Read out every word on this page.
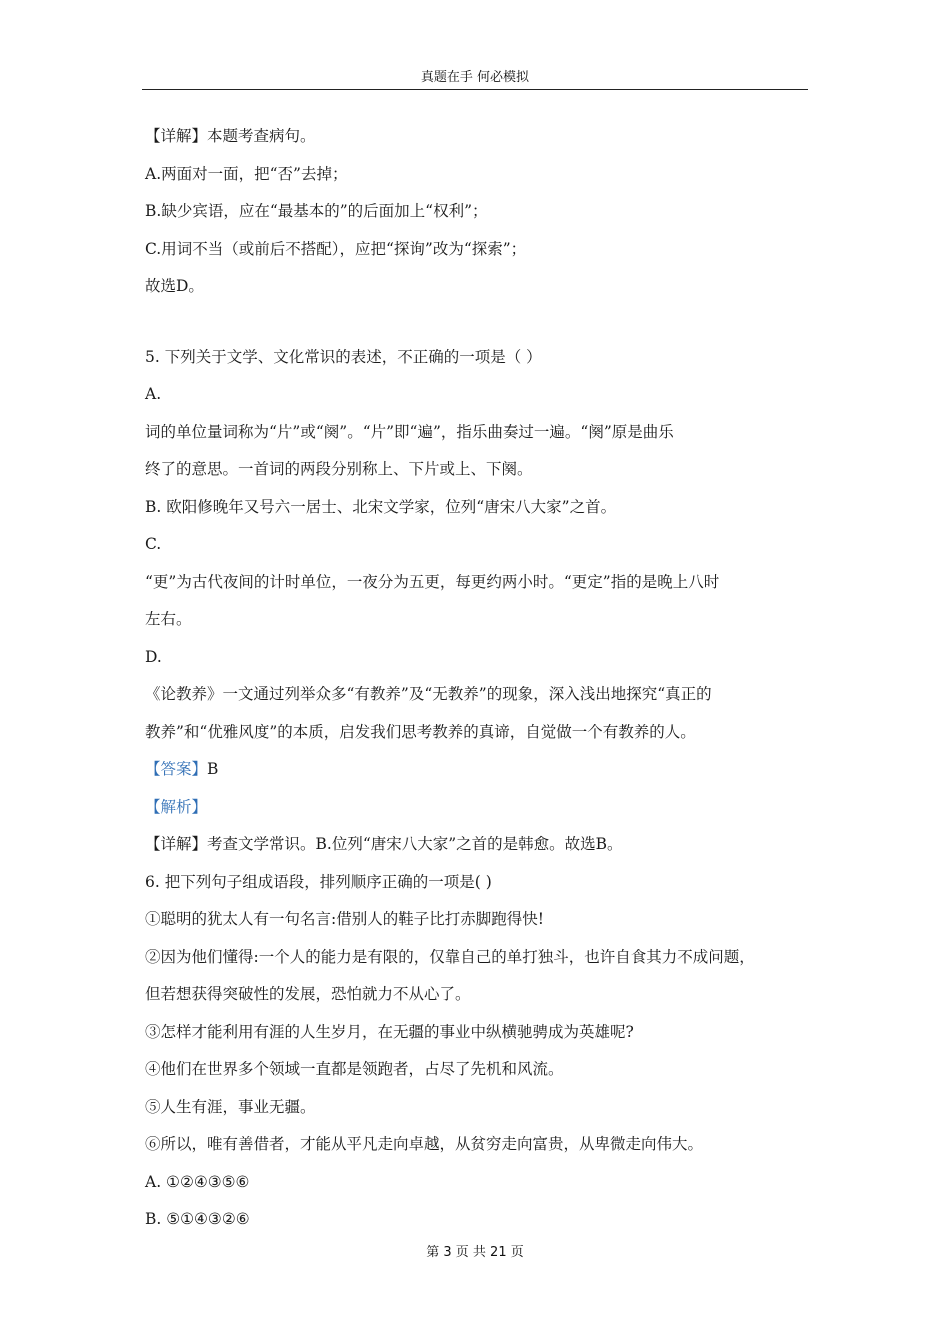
真题在手 何必模拟
【详解】本题考查病句。
A.两面对一面，把“否”去掉；
B.缺少宾语，应在“最基本的”的后面加上“权利”；
C.用词不当（或前后不搭配），应把“探询”改为“探索”；
故选D。
5. 下列关于文学、文化常识的表述，不正确的一项是（ ）
A.
词的单位量词称为“片”或“阕”。“片”即“遍”，指乐曲奏过一遍。“阕”原是曲乐
终了的意思。一首词的两段分别称上、下片或上、下阕。
B. 欧阳修晚年又号六一居士、北宋文学家，位列“唐宋八大家”之首。
C.
“更”为古代夜间的计时单位，一夜分为五更，每更约两小时。“更定”指的是晚上八时
左右。
D.
《论教养》一文通过列举众多“有教养”及“无教养”的现象，深入浅出地探究“真正的
教养”和“优雅风度”的本质，启发我们思考教养的真谛，自觉做一个有教养的人。
【答案】B
【解析】
【详解】考查文学常识。B.位列“唐宋八大家”之首的是韩愈。故选B。
6. 把下列句子组成语段，排列顺序正确的一项是( )
①聪明的犹太人有一句名言:借别人的鞋子比打赤脚跑得快!
②因为他们懂得:一个人的能力是有限的，仅靠自己的单打独斗，也许自食其力不成问题，
但若想获得突破性的发展，恐怕就力不从心了。
③怎样才能利用有涯的人生岁月，在无疆的事业中纵横驰骋成为英雄呢?
④他们在世界多个领域一直都是领跑者，占尽了先机和风流。
⑤人生有涯，事业无疆。
⑥所以，唯有善借者，才能从平凡走向卓越，从贫穷走向富贵，从卑微走向伟大。
A. ①②④③⑤⑥
B. ⑤①④③②⑥
第 3 页 共 21 页
